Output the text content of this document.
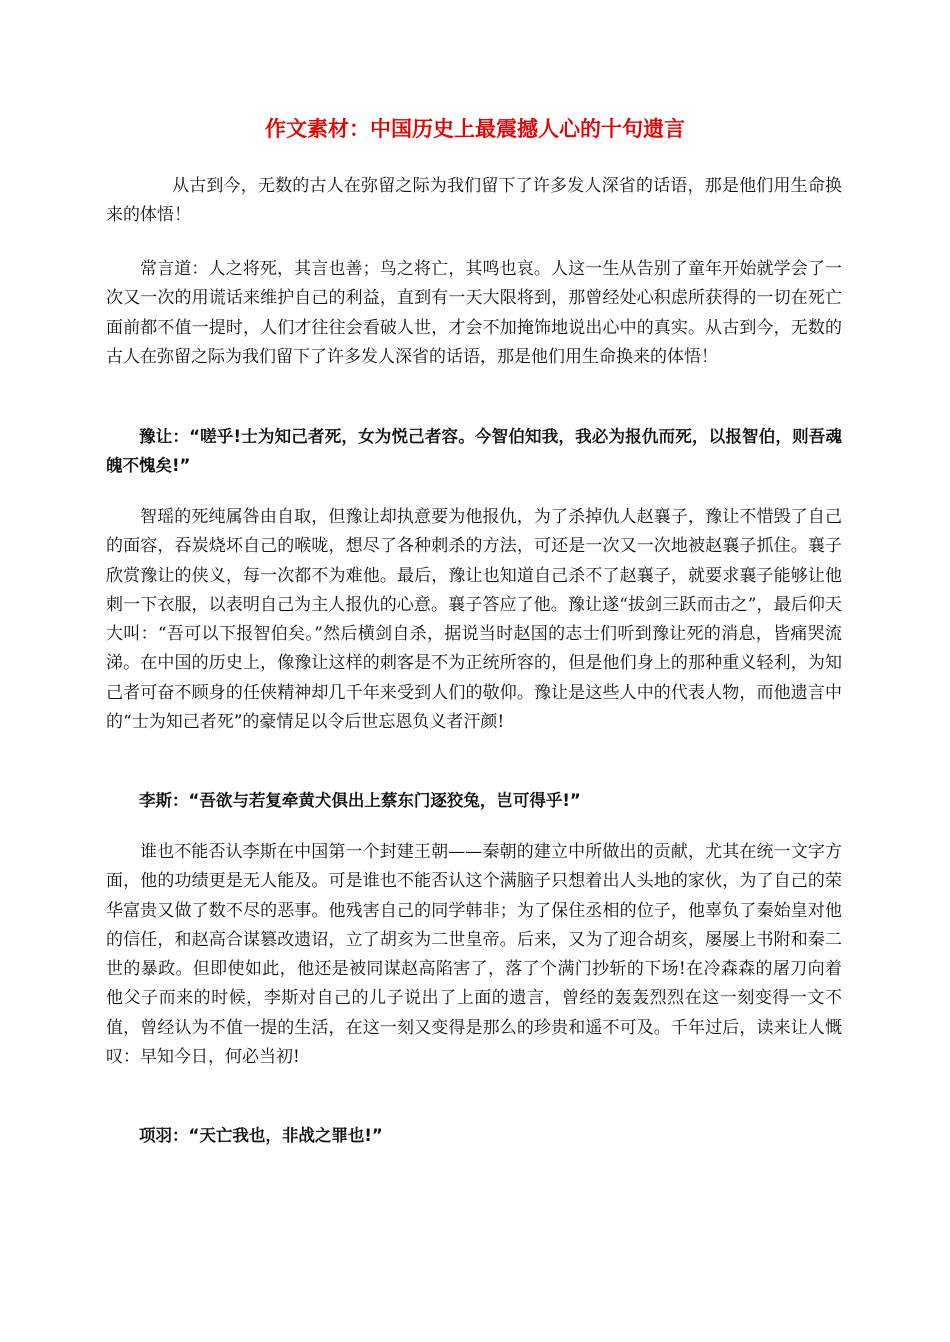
作文素材：中国历史上最震撼人心的十句遗言

从古到今，无数的古人在弥留之际为我们留下了许多发人深省的话语，那是他们用生命换来的体悟！

常言道：人之将死，其言也善；鸟之将亡，其鸣也哀。人这一生从告别了童年开始就学会了一次又一次的用谎话来维护自己的利益，直到有一天大限将到，那曾经处心积虑所获得的一切在死亡面前都不值一提时，人们才往往会看破人世，才会不加掩饰地说出心中的真实。从古到今，无数的古人在弥留之际为我们留下了许多发人深省的话语，那是他们用生命换来的体悟！

豫让：“嗟乎!士为知己者死，女为悦己者容。今智伯知我，我必为报仇而死，以报智伯，则吾魂魄不愧矣!”

智瑶的死纯属咎由自取，但豫让却执意要为他报仇，为了杀掉仇人赵襄子，豫让不惜毁了自己的面容，吞炭烧坏自己的喉咙，想尽了各种刺杀的方法，可还是一次又一次地被赵襄子抓住。襄子欣赏豫让的侠义，每一次都不为难他。最后，豫让也知道自己杀不了赵襄子，就要求襄子能够让他刺一下衣服，以表明自己为主人报仇的心意。襄子答应了他。豫让遂“拔剑三跃而击之”，最后仰天大叫：“吾可以下报智伯矣。”然后横剑自杀，据说当时赵国的志士们听到豫让死的消息，皆痛哭流涕。在中国的历史上，像豫让这样的刺客是不为正统所容的，但是他们身上的那种重义轻利，为知己者可奋不顾身的任侠精神却几千年来受到人们的敬仰。豫让是这些人中的代表人物，而他遗言中的“士为知己者死”的豪情足以令后世忘恩负义者汗颜!

李斯：“吾欲与若复牵黄犬俱出上蔡东门逐狡兔，岂可得乎!”

谁也不能否认李斯在中国第一个封建王朝——秦朝的建立中所做出的贡献，尤其在统一文字方面，他的功绩更是无人能及。可是谁也不能否认这个满脑子只想着出人头地的家伙，为了自己的荣华富贵又做了数不尽的恶事。他残害自己的同学韩非；为了保住丞相的位子，他辜负了秦始皇对他的信任，和赵高合谋篡改遗诏，立了胡亥为二世皇帝。后来，又为了迎合胡亥，屡屡上书附和秦二世的暴政。但即使如此，他还是被同谋赵高陷害了，落了个满门抄斩的下场!在冷森森的屠刀向着他父子而来的时候，李斯对自己的儿子说出了上面的遗言，曾经的轰轰烈烈在这一刻变得一文不值，曾经认为不值一提的生活，在这一刻又变得是那么的珍贵和遥不可及。千年过后，读来让人慨叹：早知今日，何必当初!

项羽：“天亡我也，非战之罪也!”
